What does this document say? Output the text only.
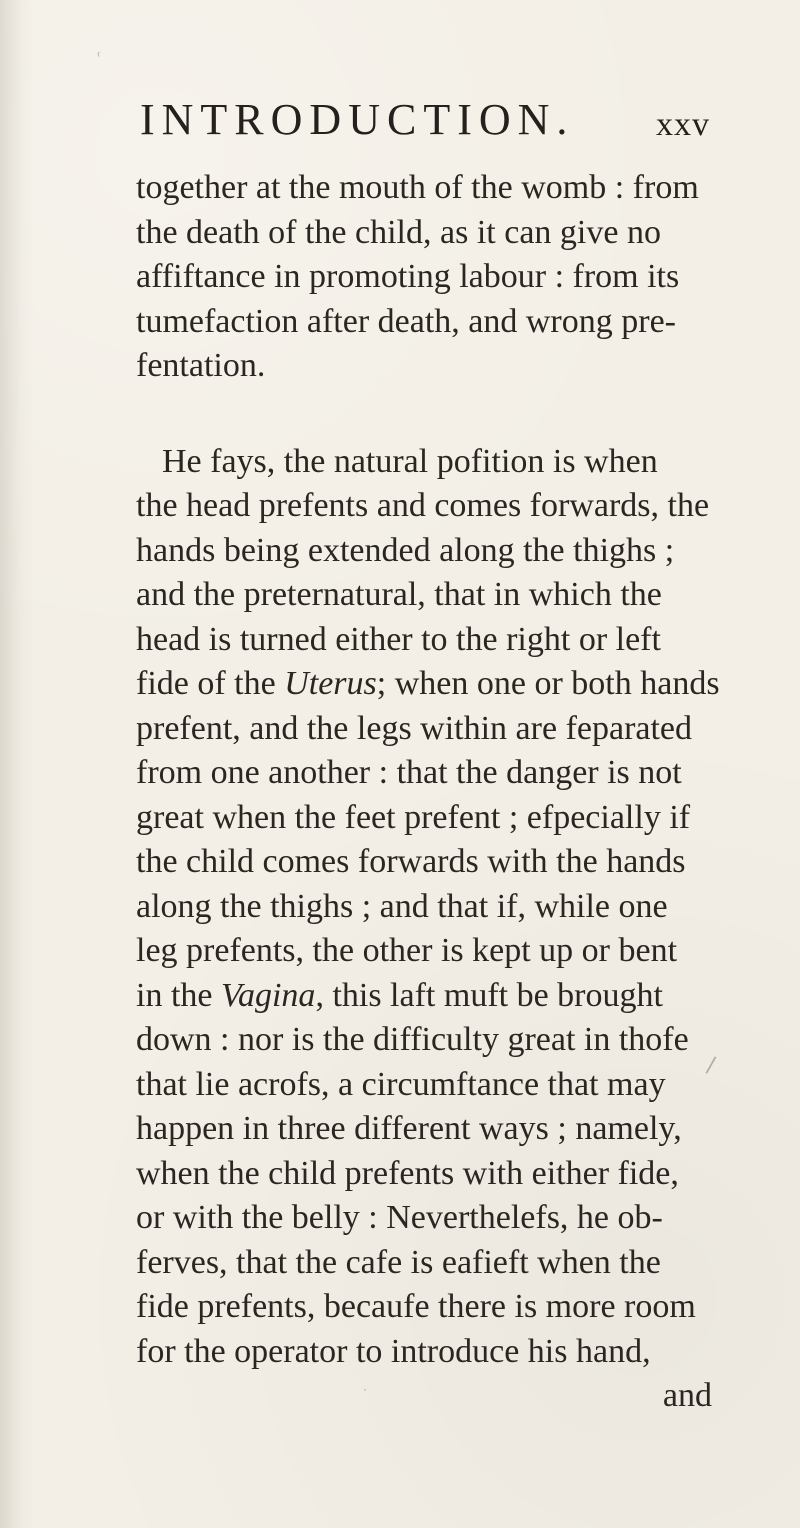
ʳ
/
·
INTRODUCTION. xxv

together at the mouth of the womb : from
the death of the child, as it can give no
affiftance in promoting labour : from its
tumefaction after death, and wrong pre-
fentation.

He fays, the natural pofition is when
the head prefents and comes forwards, the
hands being extended along the thighs ;
and the preternatural, that in which the
head is turned either to the right or left
fide of the Uterus; when one or both hands
prefent, and the legs within are feparated
from one another : that the danger is not
great when the feet prefent ; efpecially if
the child comes forwards with the hands
along the thighs ; and that if, while one
leg prefents, the other is kept up or bent
in the Vagina, this laft muft be brought
down : nor is the difficulty great in thofe
that lie acrofs, a circumftance that may
happen in three different ways ; namely,
when the child prefents with either fide,
or with the belly : Neverthelefs, he ob-
ferves, that the cafe is eafieft when the
fide prefents, becaufe there is more room
for the operator to introduce his hand,
and
